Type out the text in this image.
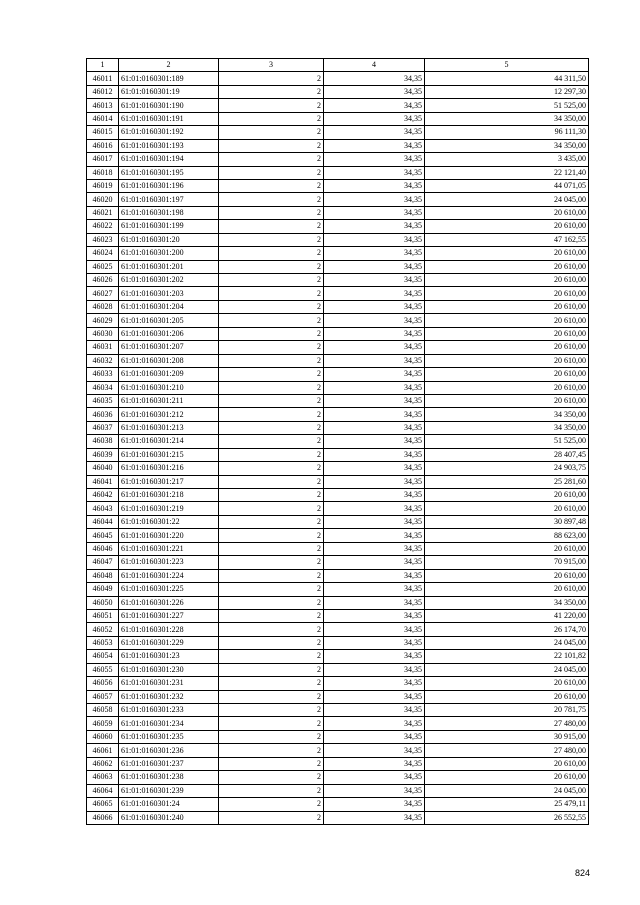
1	2	3	4	5
46011	61:01:0160301:189	2	34,35	44 311,50
46012	61:01:0160301:19	2	34,35	12 297,30
46013	61:01:0160301:190	2	34,35	51 525,00
46014	61:01:0160301:191	2	34,35	34 350,00
46015	61:01:0160301:192	2	34,35	96 111,30
46016	61:01:0160301:193	2	34,35	34 350,00
46017	61:01:0160301:194	2	34,35	3 435,00
46018	61:01:0160301:195	2	34,35	22 121,40
46019	61:01:0160301:196	2	34,35	44 071,05
46020	61:01:0160301:197	2	34,35	24 045,00
46021	61:01:0160301:198	2	34,35	20 610,00
46022	61:01:0160301:199	2	34,35	20 610,00
46023	61:01:0160301:20	2	34,35	47 162,55
46024	61:01:0160301:200	2	34,35	20 610,00
46025	61:01:0160301:201	2	34,35	20 610,00
46026	61:01:0160301:202	2	34,35	20 610,00
46027	61:01:0160301:203	2	34,35	20 610,00
46028	61:01:0160301:204	2	34,35	20 610,00
46029	61:01:0160301:205	2	34,35	20 610,00
46030	61:01:0160301:206	2	34,35	20 610,00
46031	61:01:0160301:207	2	34,35	20 610,00
46032	61:01:0160301:208	2	34,35	20 610,00
46033	61:01:0160301:209	2	34,35	20 610,00
46034	61:01:0160301:210	2	34,35	20 610,00
46035	61:01:0160301:211	2	34,35	20 610,00
46036	61:01:0160301:212	2	34,35	34 350,00
46037	61:01:0160301:213	2	34,35	34 350,00
46038	61:01:0160301:214	2	34,35	51 525,00
46039	61:01:0160301:215	2	34,35	28 407,45
46040	61:01:0160301:216	2	34,35	24 903,75
46041	61:01:0160301:217	2	34,35	25 281,60
46042	61:01:0160301:218	2	34,35	20 610,00
46043	61:01:0160301:219	2	34,35	20 610,00
46044	61:01:0160301:22	2	34,35	30 897,48
46045	61:01:0160301:220	2	34,35	88 623,00
46046	61:01:0160301:221	2	34,35	20 610,00
46047	61:01:0160301:223	2	34,35	70 915,00
46048	61:01:0160301:224	2	34,35	20 610,00
46049	61:01:0160301:225	2	34,35	20 610,00
46050	61:01:0160301:226	2	34,35	34 350,00
46051	61:01:0160301:227	2	34,35	41 220,00
46052	61:01:0160301:228	2	34,35	26 174,70
46053	61:01:0160301:229	2	34,35	24 045,00
46054	61:01:0160301:23	2	34,35	22 101,82
46055	61:01:0160301:230	2	34,35	24 045,00
46056	61:01:0160301:231	2	34,35	20 610,00
46057	61:01:0160301:232	2	34,35	20 610,00
46058	61:01:0160301:233	2	34,35	20 781,75
46059	61:01:0160301:234	2	34,35	27 480,00
46060	61:01:0160301:235	2	34,35	30 915,00
46061	61:01:0160301:236	2	34,35	27 480,00
46062	61:01:0160301:237	2	34,35	20 610,00
46063	61:01:0160301:238	2	34,35	20 610,00
46064	61:01:0160301:239	2	34,35	24 045,00
46065	61:01:0160301:24	2	34,35	25 479,11
46066	61:01:0160301:240	2	34,35	26 552,55
824
